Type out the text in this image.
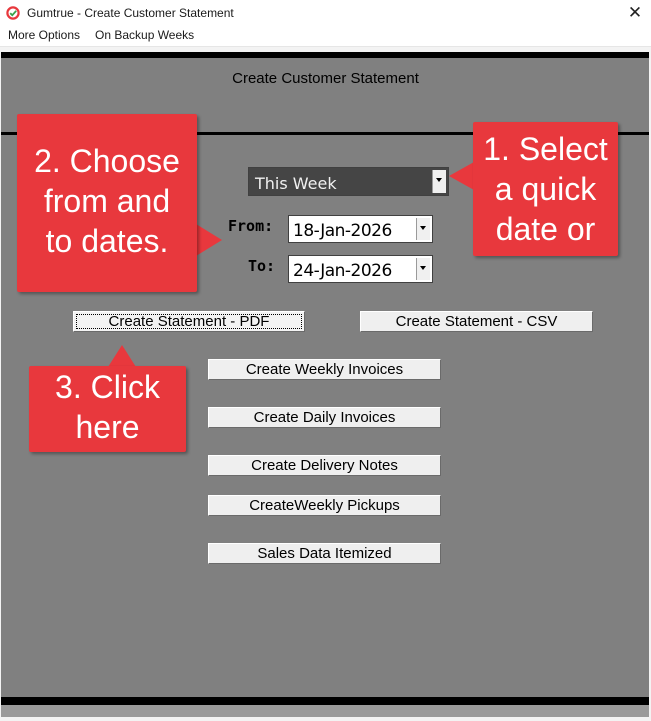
Gumtrue - Create Customer Statement	✕
More Options On Backup Weeks
Create Customer Statement
This Week
From: 18-Jan-2026
To: 24-Jan-2026
Create Statement - PDF	Create Statement - CSV
Create Weekly Invoices
Create Daily Invoices
Create Delivery Notes
CreateWeekly Pickups
Sales Data Itemized
1. Select
a quick
date or
2. Choose
from and
to dates.
3. Click
here
